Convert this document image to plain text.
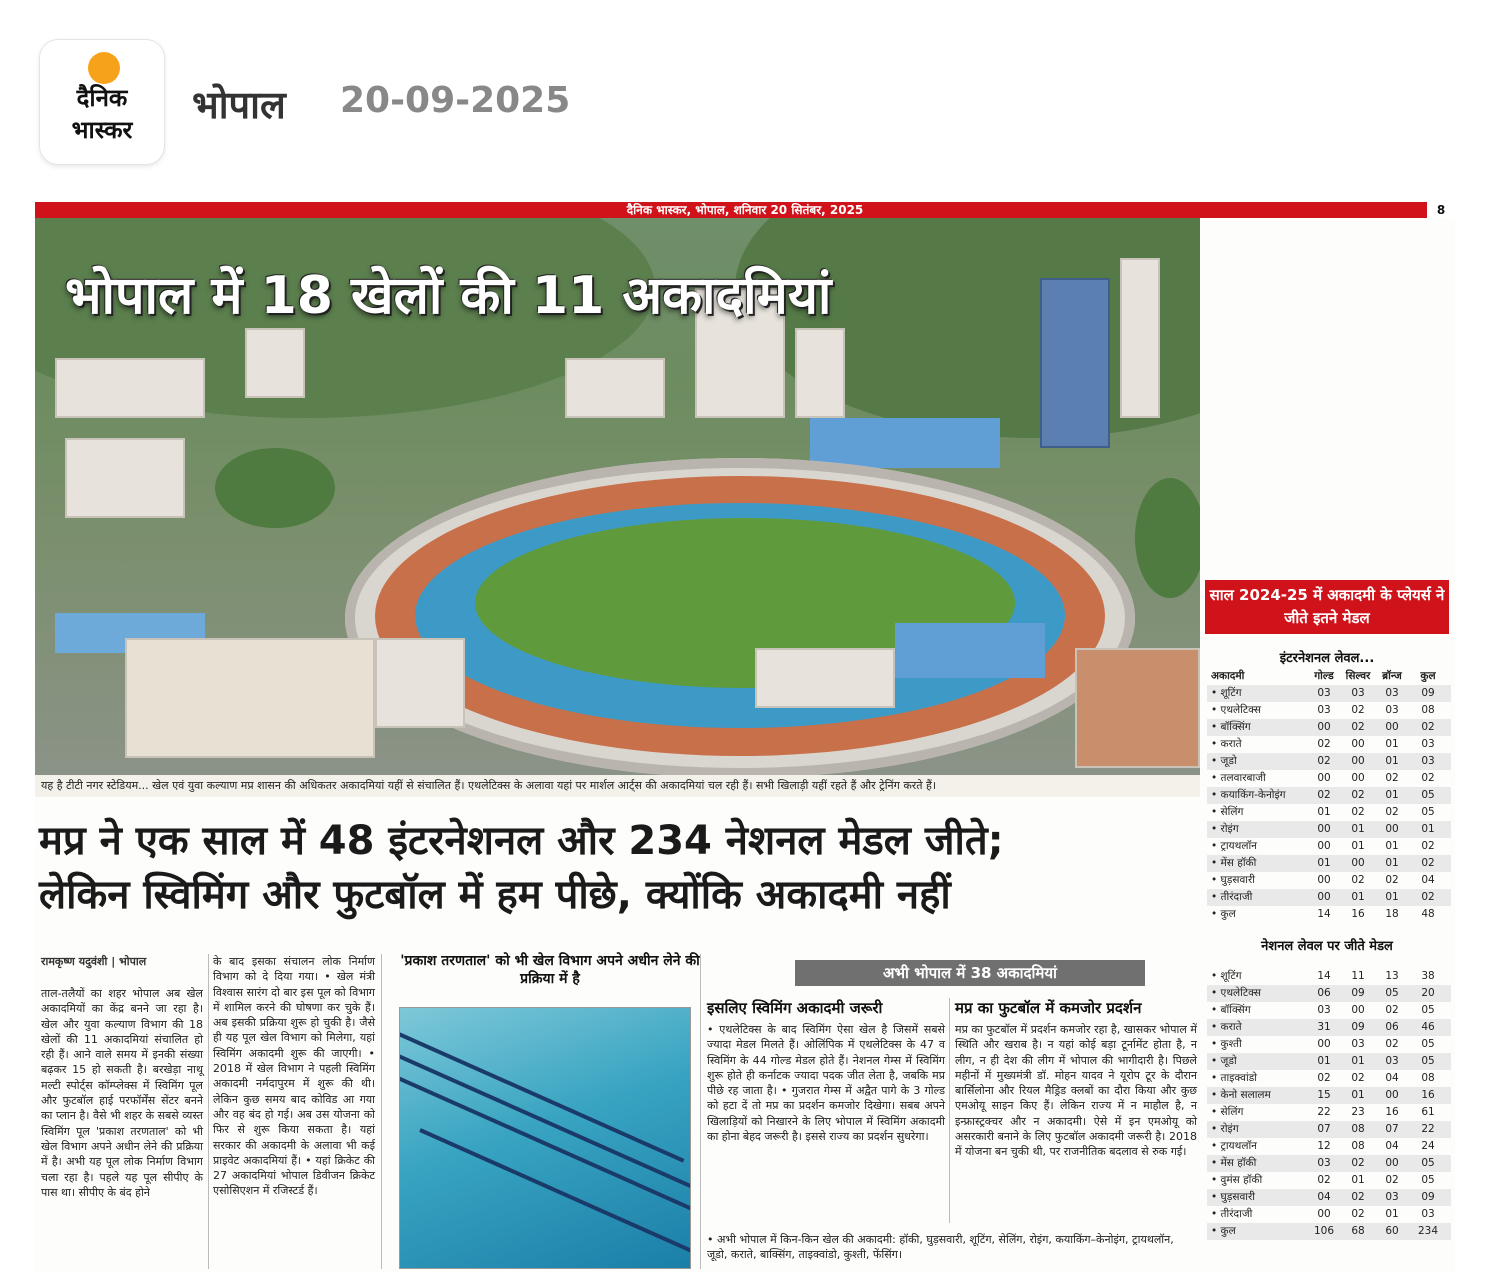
दैनिक
भास्कर
भोपाल 20-09-2025
दैनिक भास्कर, भोपाल, शनिवार 20 सितंबर, 2025	8
भोपाल में 18 खेलों की 11 अकादमियां
यह है टीटी नगर स्टेडियम... खेल एवं युवा कल्याण मप्र शासन की अधिकतर अकादमियां यहीं से संचालित हैं। एथलेटिक्स के अलावा यहां पर मार्शल आर्ट्स की अकादमियां चल रही हैं। सभी खिलाड़ी यहीं रहते हैं और ट्रेनिंग करते हैं।
मप्र ने एक साल में 48 इंटरनेशनल और 234 नेशनल मेडल जीते;
लेकिन स्विमिंग और फुटबॉल में हम पीछे, क्योंकि अकादमी नहीं
रामकृष्ण यदुवंशी | भोपाल
ताल-तलैयों का शहर भोपाल अब खेल अकादमियों का केंद्र बनने जा रहा है। खेल और युवा कल्याण विभाग की 18 खेलों की 11 अकादमियां संचालित हो रही हैं। आने वाले समय में इनकी संख्या बढ़कर 15 हो सकती है। बरखेड़ा नाथू मल्टी स्पोर्ट्स कॉम्प्लेक्स में स्विमिंग पूल और फुटबॉल हाई परफॉर्मेंस सेंटर बनने का प्लान है। वैसे भी शहर के सबसे व्यस्त स्विमिंग पूल 'प्रकाश तरणताल' को भी खेल विभाग अपने अधीन लेने की प्रक्रिया में है। अभी यह पूल लोक निर्माण विभाग चला रहा है। पहले यह पूल सीपीए के पास था। सीपीए के बंद होने
के बाद इसका संचालन लोक निर्माण विभाग को दे दिया गया। • खेल मंत्री विश्वास सारंग दो बार इस पूल को विभाग में शामिल करने की घोषणा कर चुके हैं। अब इसकी प्रक्रिया शुरू हो चुकी है। जैसे ही यह पूल खेल विभाग को मिलेगा, यहां स्विमिंग अकादमी शुरू की जाएगी। • 2018 में खेल विभाग ने पहली स्विमिंग अकादमी नर्मदापुरम में शुरू की थी। लेकिन कुछ समय बाद कोविड आ गया और वह बंद हो गई। अब उस योजना को फिर से शुरू किया सकता है। यहां सरकार की अकादमी के अलावा भी कई प्राइवेट अकादमियां हैं। • यहां क्रिकेट की 27 अकादमियां भोपाल डिवीजन क्रिकेट एसोसिएशन में रजिस्टर्ड हैं।
'प्रकाश तरणताल' को भी खेल विभाग अपने अधीन लेने की प्रक्रिया में है	अभी भोपाल में 38 अकादमियां
इसलिए स्विमिंग अकादमी जरूरी	मप्र का फुटबॉल में कमजोर प्रदर्शन
• एथलेटिक्स के बाद स्विमिंग ऐसा खेल है जिसमें सबसे ज्यादा मेडल मिलते हैं। ओलिंपिक में एथलेटिक्स के 47 व स्विमिंग के 44 गोल्ड मेडल होते हैं। नेशनल गेम्स में स्विमिंग शुरू होते ही कर्नाटक ज्यादा पदक जीत लेता है, जबकि मप्र पीछे रह जाता है। • गुजरात गेम्स में अद्वैत पागे के 3 गोल्ड को हटा दें तो मप्र का प्रदर्शन कमजोर दिखेगा। सबब अपने खिलाड़ियों को निखारने के लिए भोपाल में स्विमिंग अकादमी का होना बेहद जरूरी है। इससे राज्य का प्रदर्शन सुधरेगा।
मप्र का फुटबॉल में प्रदर्शन कमजोर रहा है, खासकर भोपाल में स्थिति और खराब है। न यहां कोई बड़ा टूर्नामेंट होता है, न लीग, न ही देश की लीग में भोपाल की भागीदारी है। पिछले महीनों में मुख्यमंत्री डॉ. मोहन यादव ने यूरोप टूर के दौरान बार्सिलोना और रियल मैड्रिड क्लबों का दौरा किया और कुछ एमओयू साइन किए हैं। लेकिन राज्य में न माहौल है, न इन्फ्रास्ट्रक्चर और न अकादमी। ऐसे में इन एमओयू को असरकारी बनाने के लिए फुटबॉल अकादमी जरूरी है। 2018 में योजना बन चुकी थी, पर राजनीतिक बदलाव से रुक गई।
• अभी भोपाल में किन-किन खेल की अकादमी: हॉकी, घुड़सवारी, शूटिंग, सेलिंग, रोइंग, कयाकिंग–केनोइंग, ट्रायथलॉन, जूडो, कराते, बाक्सिंग, ताइक्वांडो, कुश्ती, फेंसिंग।
साल 2024-25 में अकादमी के प्लेयर्स ने जीते इतने मेडल
इंटरनेशनल लेवल...
अकादमी	गोल्ड	सिल्वर	ब्रॉन्ज	कुल
• शूटिंग	03	03	03	09
• एथलेटिक्स	03	02	03	08
• बॉक्सिंग	00	02	00	02
• कराते	02	00	01	03
• जूडो	02	00	01	03
• तलवारबाजी	00	00	02	02
• कयाकिंग-केनोइंग	02	02	01	05
• सेलिंग	01	02	02	05
• रोइंग	00	01	00	01
• ट्रायथलॉन	00	01	01	02
• मेंस हॉकी	01	00	01	02
• घुड़सवारी	00	02	02	04
• तीरंदाजी	00	01	01	02
• कुल	14	16	18	48
नेशनल लेवल पर जीते मेडल
• शूटिंग	14	11	13	38
• एथलेटिक्स	06	09	05	20
• बॉक्सिंग	03	00	02	05
• कराते	31	09	06	46
• कुश्ती	00	03	02	05
• जूडो	01	01	03	05
• ताइक्वांडो	02	02	04	08
• केनो सलालम	15	01	00	16
• सेलिंग	22	23	16	61
• रोइंग	07	08	07	22
• ट्रायथलॉन	12	08	04	24
• मेंस हॉकी	03	02	00	05
• वुमंस हॉकी	02	01	02	05
• घुड़सवारी	04	02	03	09
• तीरंदाजी	00	02	01	03
• कुल	106	68	60	234
